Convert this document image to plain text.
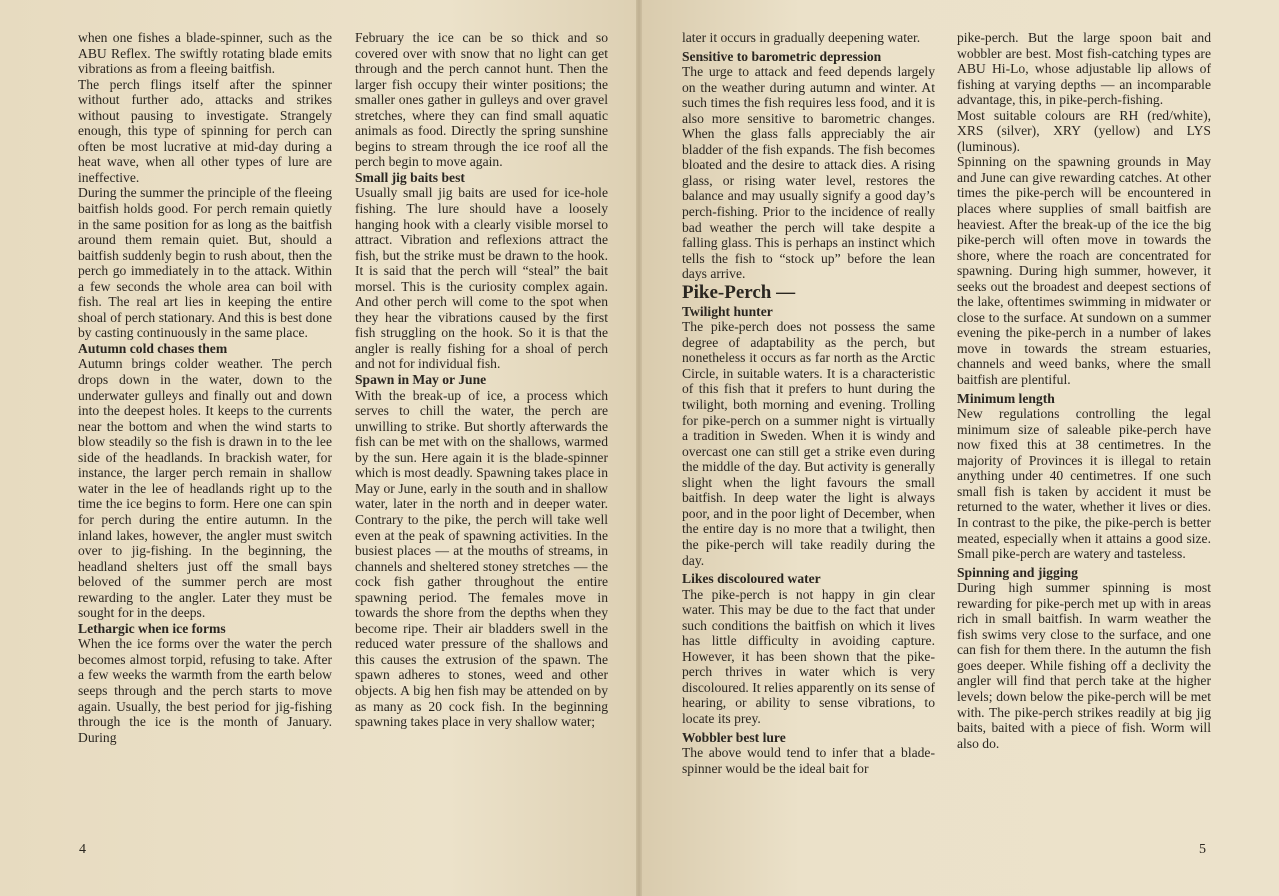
when one fishes a blade-spinner, such as the ABU Reflex. The swiftly rotating blade emits vibrations as from a fleeing baitfish.

The perch flings itself after the spinner without further ado, attacks and strikes without pausing to investigate. Strangely enough, this type of spinning for perch can often be most lucrative at mid-day during a heat wave, when all other types of lure are ineffective.

During the summer the principle of the fleeing baitfish holds good. For perch remain quietly in the same position for as long as the baitfish around them remain quiet. But, should a baitfish suddenly begin to rush about, then the perch go immediately in to the attack. Within a few seconds the whole area can boil with fish. The real art lies in keeping the entire shoal of perch stationary. And this is best done by casting continuously in the same place.

Autumn cold chases them

Autumn brings colder weather. The perch drops down in the water, down to the underwater gulleys and finally out and down into the deepest holes. It keeps to the currents near the bottom and when the wind starts to blow steadily so the fish is drawn in to the lee side of the headlands. In brackish water, for instance, the larger perch remain in shallow water in the lee of headlands right up to the time the ice begins to form. Here one can spin for perch during the entire autumn. In the inland lakes, however, the angler must switch over to jig-fishing. In the beginning, the headland shelters just off the small bays beloved of the summer perch are most rewarding to the angler. Later they must be sought for in the deeps.

Lethargic when ice forms

When the ice forms over the water the perch becomes almost torpid, refusing to take. After a few weeks the warmth from the earth below seeps through and the perch starts to move again. Usually, the best period for jig-fishing through the ice is the month of January. During

February the ice can be so thick and so covered over with snow that no light can get through and the perch cannot hunt. Then the larger fish occupy their winter positions; the smaller ones gather in gulleys and over gravel stretches, where they can find small aquatic animals as food. Directly the spring sunshine begins to stream through the ice roof all the perch begin to move again.

Small jig baits best

Usually small jig baits are used for ice-hole fishing. The lure should have a loosely hanging hook with a clearly visible morsel to attract. Vibration and reflexions attract the fish, but the strike must be drawn to the hook. It is said that the perch will “steal” the bait morsel. This is the curiosity complex again. And other perch will come to the spot when they hear the vibrations caused by the first fish struggling on the hook. So it is that the angler is really fishing for a shoal of perch and not for individual fish.

Spawn in May or June

With the break-up of ice, a process which serves to chill the water, the perch are unwilling to strike. But shortly afterwards the fish can be met with on the shallows, warmed by the sun. Here again it is the blade-spinner which is most deadly. Spawning takes place in May or June, early in the south and in shallow water, later in the north and in deeper water. Contrary to the pike, the perch will take well even at the peak of spawning activities. In the busiest places — at the mouths of streams, in channels and sheltered stoney stretches — the cock fish gather throughout the entire spawning period. The females move in towards the shore from the depths when they become ripe. Their air bladders swell in the reduced water pressure of the shallows and this causes the extrusion of the spawn. The spawn adheres to stones, weed and other objects. A big hen fish may be attended on by as many as 20 cock fish. In the beginning spawning takes place in very shallow water;

later it occurs in gradually deepening water.

Sensitive to barometric depression

The urge to attack and feed depends largely on the weather during autumn and winter. At such times the fish requires less food, and it is also more sensitive to barometric changes. When the glass falls appreciably the air bladder of the fish expands. The fish becomes bloated and the desire to attack dies. A rising glass, or rising water level, restores the balance and may usually signify a good day’s perch-fishing. Prior to the incidence of really bad weather the perch will take despite a falling glass. This is perhaps an instinct which tells the fish to “stock up” before the lean days arrive.

Pike-Perch —

Twilight hunter

The pike-perch does not possess the same degree of adaptability as the perch, but nonetheless it occurs as far north as the Arctic Circle, in suitable waters. It is a characteristic of this fish that it prefers to hunt during the twilight, both morning and evening. Trolling for pike-perch on a summer night is virtually a tradition in Sweden. When it is windy and overcast one can still get a strike even during the middle of the day. But activity is generally slight when the light favours the small baitfish. In deep water the light is always poor, and in the poor light of December, when the entire day is no more that a twilight, then the pike-perch will take readily during the day.

Likes discoloured water

The pike-perch is not happy in gin clear water. This may be due to the fact that under such conditions the baitfish on which it lives has little difficulty in avoiding capture. However, it has been shown that the pike-perch thrives in water which is very discoloured. It relies apparently on its sense of hearing, or ability to sense vibrations, to locate its prey.

Wobbler best lure

The above would tend to infer that a blade-spinner would be the ideal bait for

pike-perch. But the large spoon bait and wobbler are best. Most fish-catching types are ABU Hi-Lo, whose adjustable lip allows of fishing at varying depths — an incomparable advantage, this, in pike-perch-fishing.

Most suitable colours are RH (red/white), XRS (silver), XRY (yellow) and LYS (luminous).

Spinning on the spawning grounds in May and June can give rewarding catches. At other times the pike-perch will be encountered in places where supplies of small baitfish are heaviest. After the break-up of the ice the big pike-perch will often move in towards the shore, where the roach are concentrated for spawning. During high summer, however, it seeks out the broadest and deepest sections of the lake, oftentimes swimming in midwater or close to the surface. At sundown on a summer evening the pike-perch in a number of lakes move in towards the stream estuaries, channels and weed banks, where the small baitfish are plentiful.

Minimum length

New regulations controlling the legal minimum size of saleable pike-perch have now fixed this at 38 centimetres. In the majority of Provinces it is illegal to retain anything under 40 centimetres. If one such small fish is taken by accident it must be returned to the water, whether it lives or dies. In contrast to the pike, the pike-perch is better meated, especially when it attains a good size. Small pike-perch are watery and tasteless.

Spinning and jigging

During high summer spinning is most rewarding for pike-perch met up with in areas rich in small baitfish. In warm weather the fish swims very close to the surface, and one can fish for them there. In the autumn the fish goes deeper. While fishing off a declivity the angler will find that perch take at the higher levels; down below the pike-perch will be met with. The pike-perch strikes readily at big jig baits, baited with a piece of fish. Worm will also do.

4	5
